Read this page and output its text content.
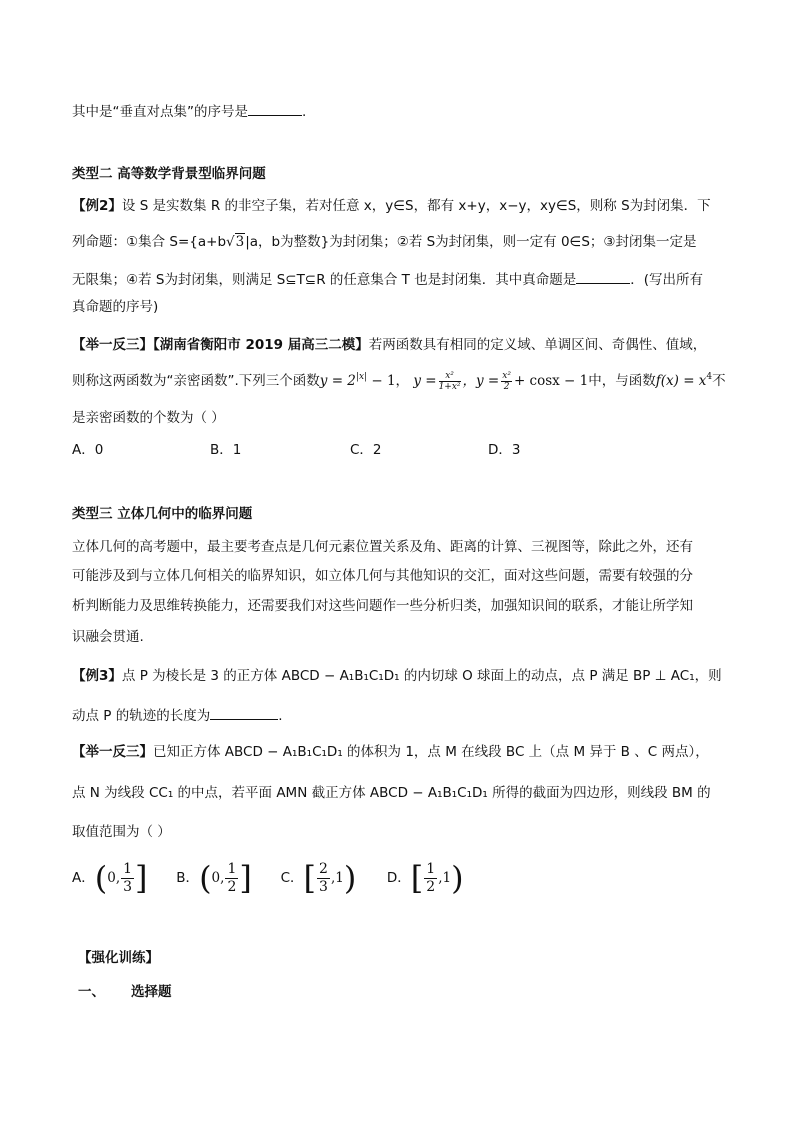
其中是“垂直对点集”的序号是	.
类型二 高等数学背景型临界问题
【例2】设 S 是实数集 R 的非空子集，若对任意 x，y∈S，都有 x+y，x−y，xy∈S，则称 S为封闭集．下
列命题：①集合 S={a+b√3|a，b为整数}为封闭集；②若 S为封闭集，则一定有 0∈S；③封闭集一定是
无限集；④若 S为封闭集，则满足 S⊆T⊆R 的任意集合 T 也是封闭集．其中真命题是	．(写出所有
真命题的序号)
【举一反三】【湖南省衡阳市 2019 届高三二模】若两函数具有相同的定义域、单调区间、奇偶性、值域，
则称这两函数为“亲密函数”.下列三个函数$y = 2^{|x|} - 1$， $y = \frac{\text{x²}}{\text{1+x²}}$ ，$y = \frac{\text{x²}}{2} + \cos x - 1$中，与函数$f(x) = x^4$不
是亲密函数的个数为（ ）
A．0	B．1	C．2	D．3
类型三 立体几何中的临界问题
立体几何的高考题中，最主要考查点是几何元素位置关系及角、距离的计算、三视图等，除此之外，还有
可能涉及到与立体几何相关的临界知识，如立体几何与其他知识的交汇，面对这些问题，需要有较强的分
析判断能力及思维转换能力，还需要我们对这些问题作一些分析归类，加强知识间的联系，才能让所学知
识融会贯通.
【例3】点 P 为棱长是 3 的正方体 ABCD − A₁B₁C₁D₁ 的内切球 O 球面上的动点，点 P 满足 BP ⊥ AC₁，则
动点 P 的轨迹的长度为	.
【举一反三】已知正方体 ABCD − A₁B₁C₁D₁ 的体积为 1，点 M 在线段 BC 上（点 M 异于 B 、C 两点），
点 N 为线段 CC₁ 的中点，若平面 AMN 截正方体 ABCD − A₁B₁C₁D₁ 所得的截面为四边形，则线段 BM 的
取值范围为（ ）
A．(0, $\frac{1}{3}$ ] B．(0, $\frac{1}{2}$ ] C．[ $\frac{2}{3} ,1$) D．[ $\frac{1}{2} ,1$)
【强化训练】
一、 选择题
